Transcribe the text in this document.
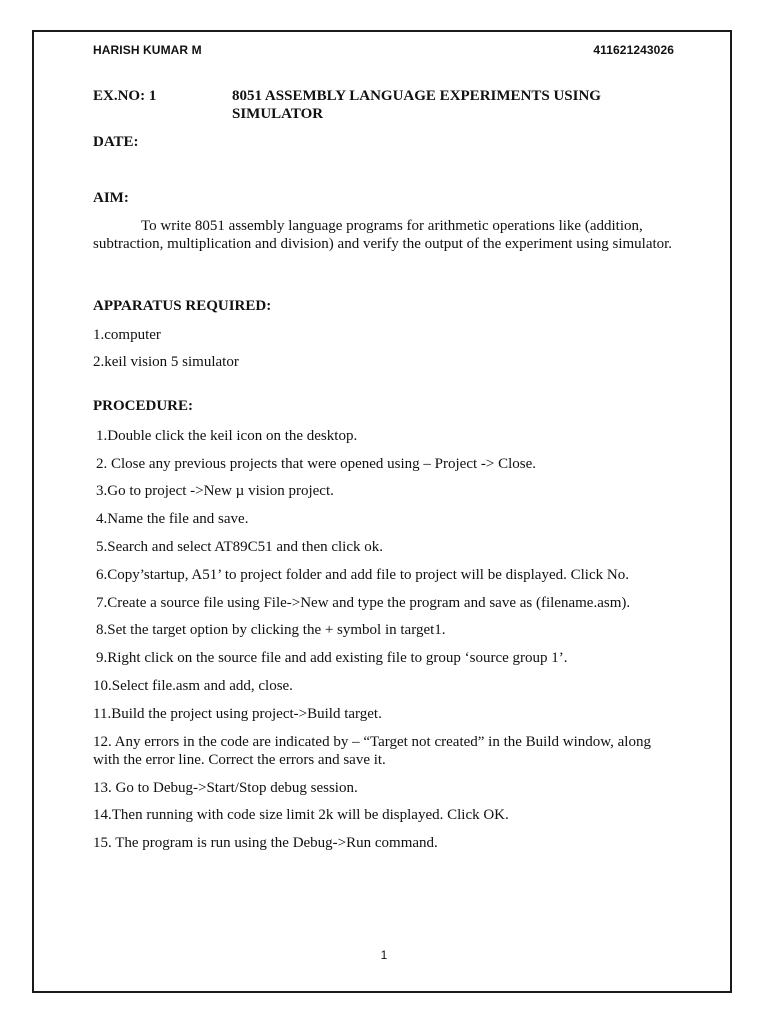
HARISH KUMAR M	411621243026
EX.NO: 1	8051 ASSEMBLY LANGUAGE EXPERIMENTS USING
SIMULATOR
DATE:
AIM:
To write 8051 assembly language programs for arithmetic operations like (addition, subtraction, multiplication and division) and verify the output of the experiment using simulator.
APPARATUS REQUIRED:
1.computer
2.keil vision 5 simulator
PROCEDURE:
1.Double click the keil icon on the desktop.
2. Close any previous projects that were opened using – Project -> Close.
3.Go to project ->New µ vision project.
4.Name the file and save.
5.Search and select AT89C51 and then click ok.
6.Copy’startup, A51’ to project folder and add file to project will be displayed. Click No.
7.Create a source file using File->New and type the program and save as (filename.asm).
8.Set the target option by clicking the + symbol in target1.
9.Right click on the source file and add existing file to group ‘source group 1’.
10.Select file.asm and add, close.
11.Build the project using project->Build target.
12. Any errors in the code are indicated by – “Target not created” in the Build window, along with the error line. Correct the errors and save it.
13. Go to Debug->Start/Stop debug session.
14.Then running with code size limit 2k will be displayed. Click OK.
15. The program is run using the Debug->Run command.
1
